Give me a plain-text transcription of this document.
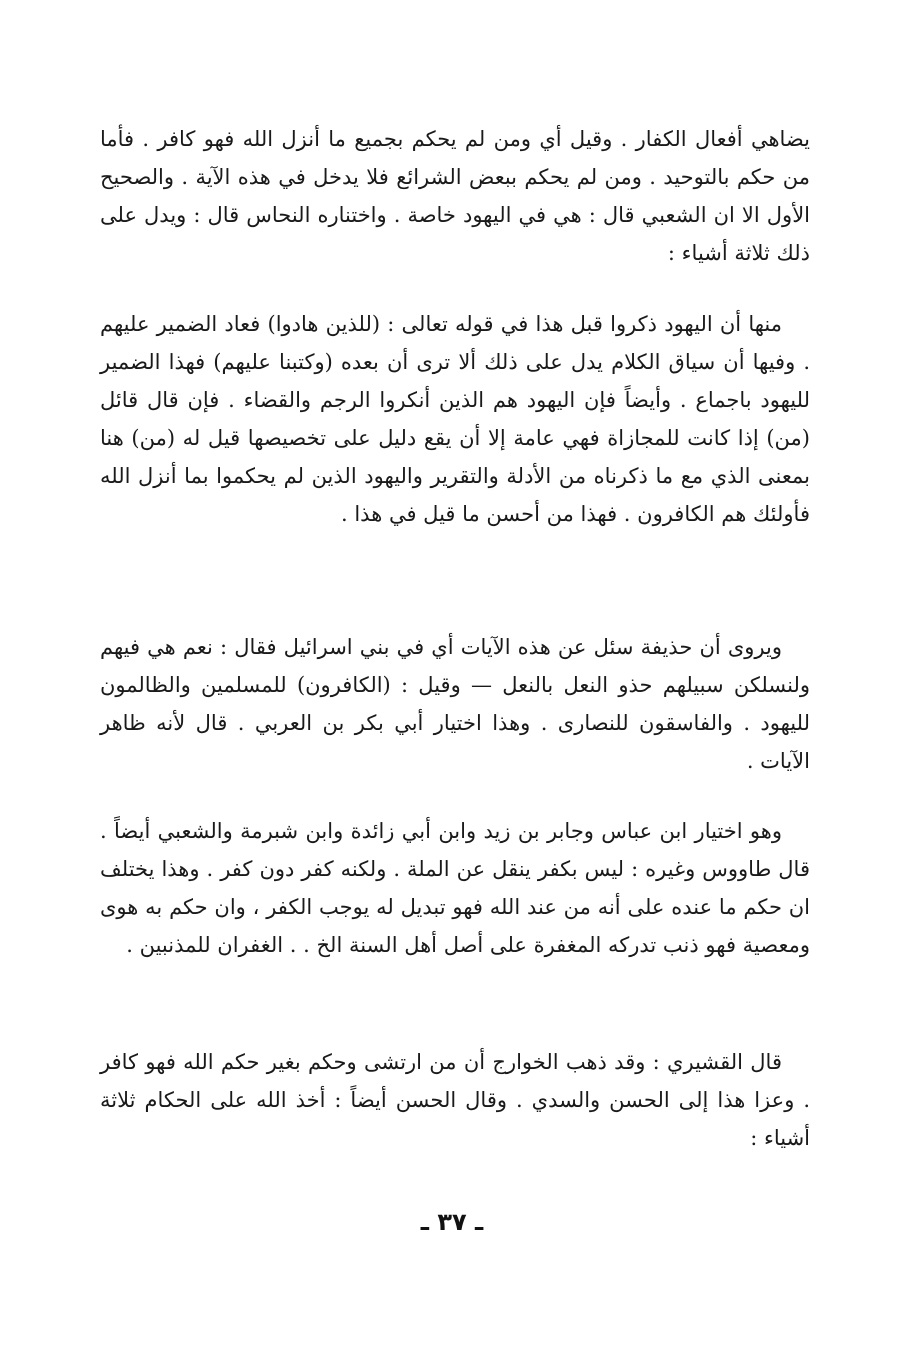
يضاهي أفعال الكفار . وقيل أي ومن لم يحكم بجميع ما أنزل الله فهو كافر . فأما من حكم بالتوحيد . ومن لم يحكم ببعض الشرائع فلا يدخل في هذه الآية . والصحيح الأول الا ان الشعبي قال : هي في اليهود خاصة . واختناره النحاس قال : ويدل على ذلك ثلاثة أشياء :

منها أن اليهود ذكروا قبل هذا في قوله تعالى : (للذين هادوا) فعاد الضمير عليهم . وفيها أن سياق الكلام يدل على ذلك ألا ترى أن بعده (وكتبنا عليهم) فهذا الضمير لليهود باجماع . وأيضاً فإن اليهود هم الذين أنكروا الرجم والقضاء . فإن قال قائل (من) إذا كانت للمجازاة فهي عامة إلا أن يقع دليل على تخصيصها قيل له (من) هنا بمعنى الذي مع ما ذكرناه من الأدلة والتقرير واليهود الذين لم يحكموا بما أنزل الله فأولئك هم الكافرون . فهذا من أحسن ما قيل في هذا .

ويروى أن حذيفة سئل عن هذه الآيات أي في بني اسرائيل فقال : نعم هي فيهم ولنسلكن سبيلهم حذو النعل بالنعل — وقيل : (الكافرون) للمسلمين والظالمون لليهود . والفاسقون للنصارى . وهذا اختيار أبي بكر بن العربي . قال لأنه ظاهر الآيات .

وهو اختيار ابن عباس وجابر بن زيد وابن أبي زائدة وابن شبرمة والشعبي أيضاً . قال طاووس وغيره : ليس بكفر ينقل عن الملة . ولكنه كفر دون كفر . وهذا يختلف ان حكم ما عنده على أنه من عند الله فهو تبديل له يوجب الكفر ، وان حكم به هوى ومعصية فهو ذنب تدركه المغفرة على أصل أهل السنة الخ . . الغفران للمذنبين .

قال القشيري : وقد ذهب الخوارج أن من ارتشى وحكم بغير حكم الله فهو كافر . وعزا هذا إلى الحسن والسدي . وقال الحسن أيضاً : أخذ الله على الحكام ثلاثة أشياء :

ـ ٣٧ ـ
